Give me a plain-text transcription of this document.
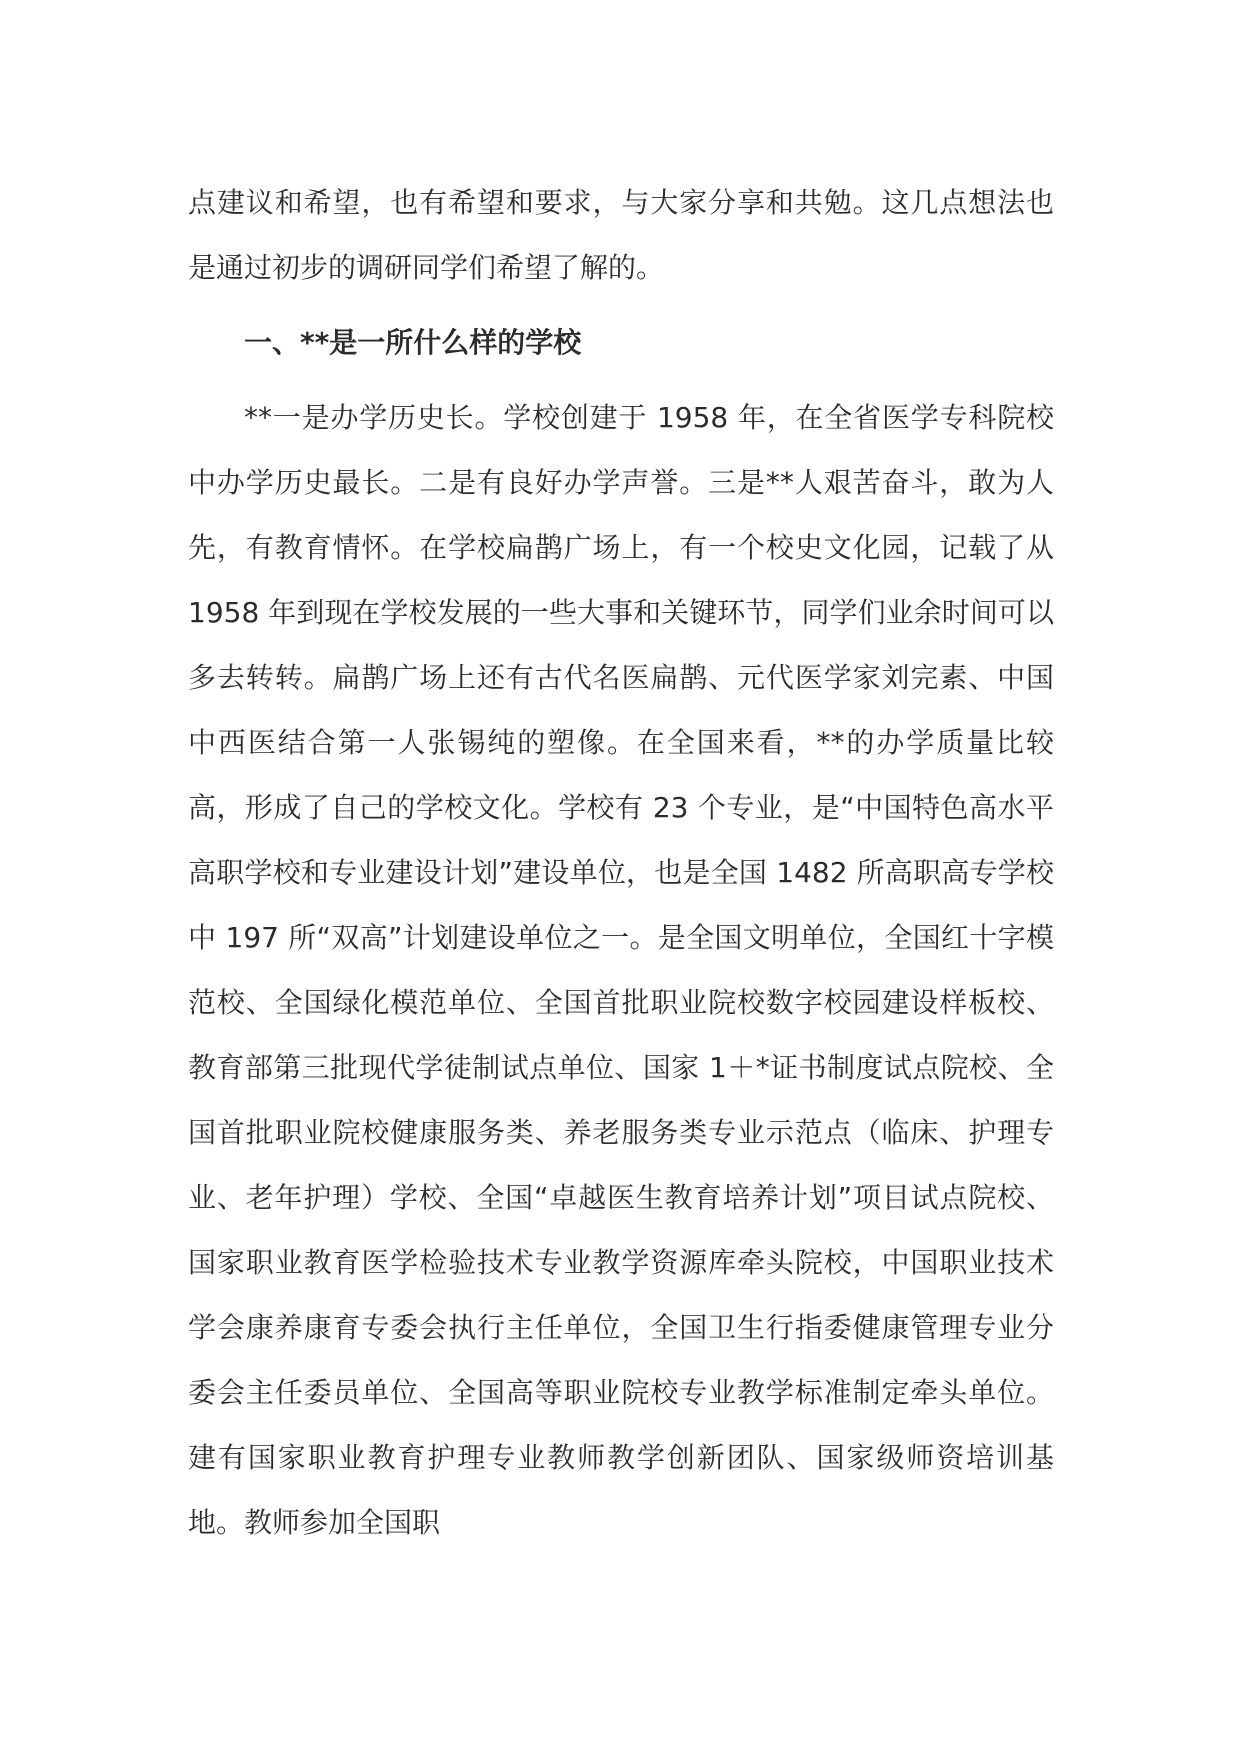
点建议和希望，也有希望和要求，与大家分享和共勉。这几点想法也是通过初步的调研同学们希望了解的。

一、**是一所什么样的学校

**一是办学历史长。学校创建于 1958 年，在全省医学专科院校中办学历史最长。二是有良好办学声誉。三是**人艰苦奋斗，敢为人先，有教育情怀。在学校扁鹊广场上，有一个校史文化园，记载了从 1958 年到现在学校发展的一些大事和关键环节，同学们业余时间可以多去转转。扁鹊广场上还有古代名医扁鹊、元代医学家刘完素、中国中西医结合第一人张锡纯的塑像。在全国来看，**的办学质量比较高，形成了自己的学校文化。学校有 23 个专业，是“中国特色高水平高职学校和专业建设计划”建设单位，也是全国 1482 所高职高专学校中 197 所“双高”计划建设单位之一。是全国文明单位，全国红十字模范校、全国绿化模范单位、全国首批职业院校数字校园建设样板校、教育部第三批现代学徒制试点单位、国家 1＋*证书制度试点院校、全国首批职业院校健康服务类、养老服务类专业示范点（临床、护理专业、老年护理）学校、全国“卓越医生教育培养计划”项目试点院校、国家职业教育医学检验技术专业教学资源库牵头院校，中国职业技术学会康养康育专委会执行主任单位，全国卫生行指委健康管理专业分委会主任委员单位、全国高等职业院校专业教学标准制定牵头单位。建有国家职业教育护理专业教师教学创新团队、国家级师资培训基地。教师参加全国职
